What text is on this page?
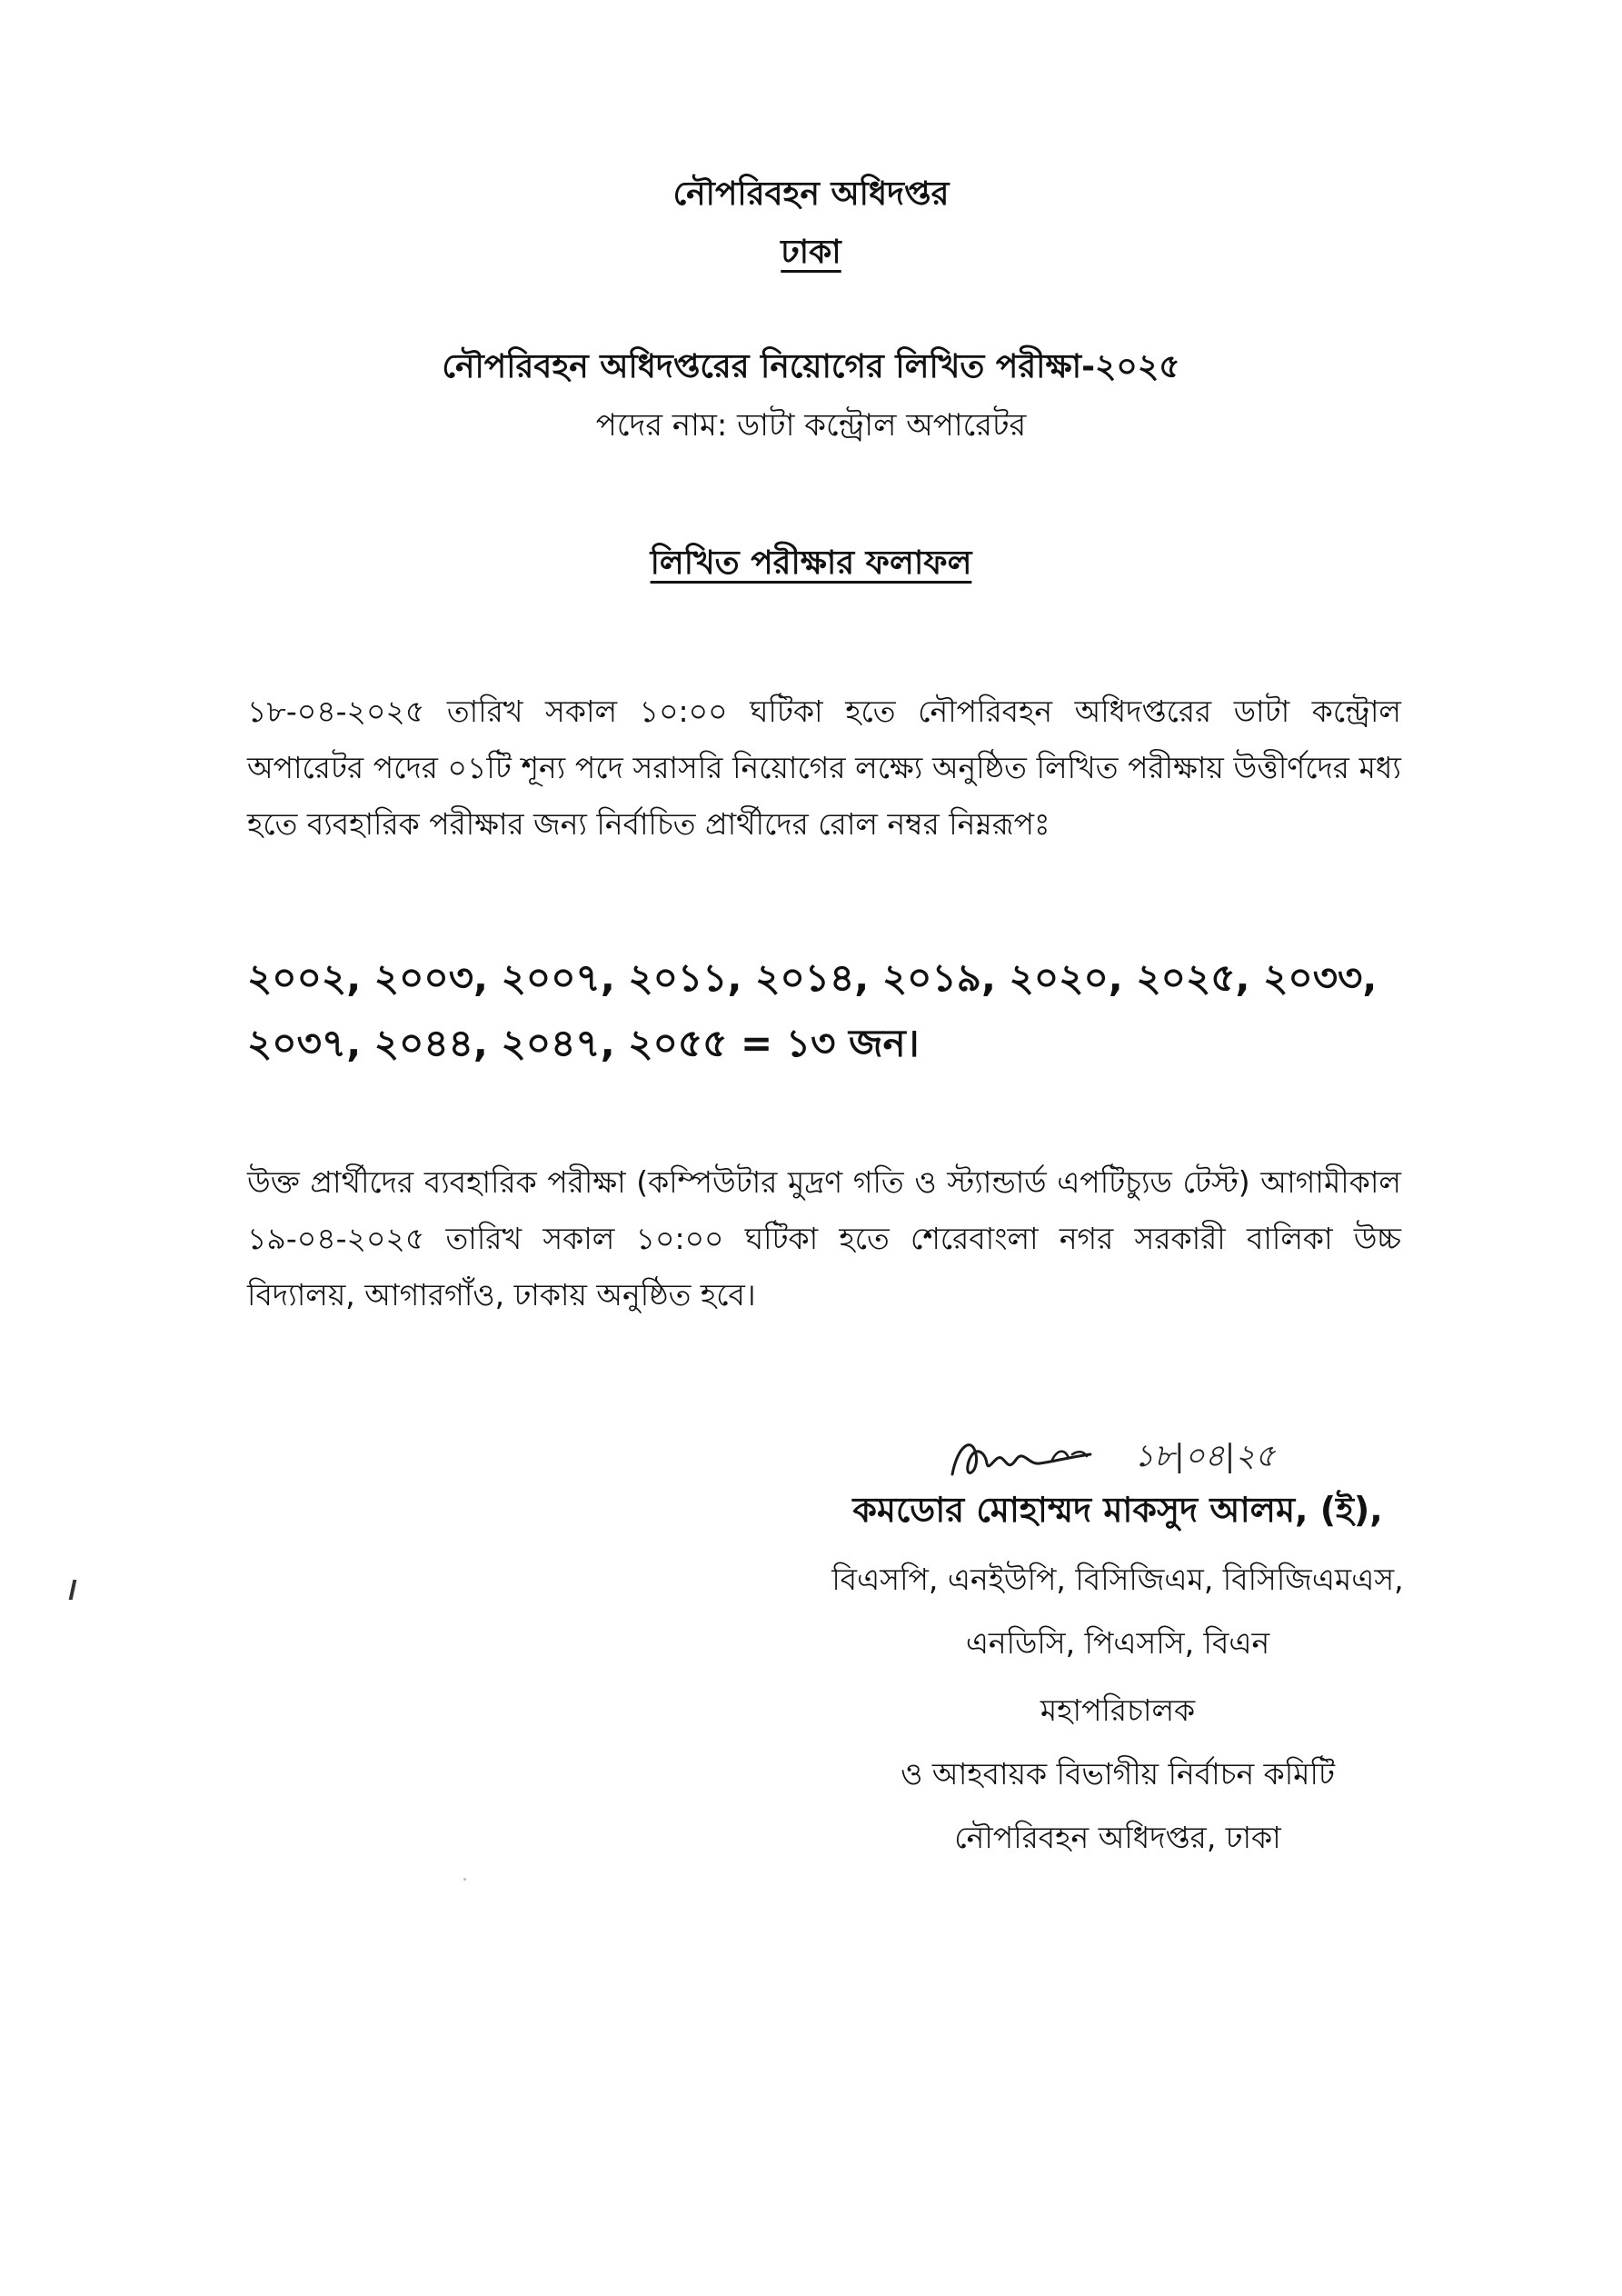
নৌপরিবহন অধিদপ্তর
ঢাকা
নৌপরিবহন অধিদপ্তরের নিয়োগের লিখিত পরীক্ষা-২০২৫
পদের নাম: ডাটা কন্ট্রোল অপারেটর
লিখিত পরীক্ষার ফলাফল
১৮-০৪-২০২৫ তারিখ সকাল ১০:০০ ঘটিকা হতে নৌপরিবহন অধিদপ্তরের ডাটা কন্ট্রোল অপারেটর পদের ০১টি শূন্য পদে সরাসরি নিয়োগের লক্ষ্যে অনুষ্ঠিত লিখিত পরীক্ষায় উত্তীর্ণদের মধ্য হতে ব্যবহারিক পরীক্ষার জন্য নির্বাচিত প্রার্থীদের রোল নম্বর নিম্নরূপঃ
২০০২, ২০০৩, ২০০৭, ২০১১, ২০১৪, ২০১৯, ২০২০, ২০২৫, ২০৩৩, ২০৩৭, ২০৪৪, ২০৪৭, ২০৫৫ = ১৩ জন।
উক্ত প্রার্থীদের ব্যবহারিক পরীক্ষা (কম্পিউটার মুদ্রণ গতি ও স্ট্যান্ডার্ড এপটিচ্যুড টেস্ট) আগামীকাল ১৯-০৪-২০২৫ তারিখ সকাল ১০:০০ ঘটিকা হতে শেরেবাংলা নগর সরকারী বালিকা উচ্চ বিদ্যালয়, আগারগাঁও, ঢাকায় অনুষ্ঠিত হবে।
১৮|০৪|২৫
কমডোর মোহাম্মদ মাকসুদ আলম, (ই),
বিএসপি, এনইউপি, বিসিজিএম, বিসিজিএমএস,
এনডিসি, পিএসসি, বিএন
মহাপরিচালক
ও আহবায়ক বিভাগীয় নির্বাচন কমিটি
নৌপরিবহন অধিদপ্তর, ঢাকা
